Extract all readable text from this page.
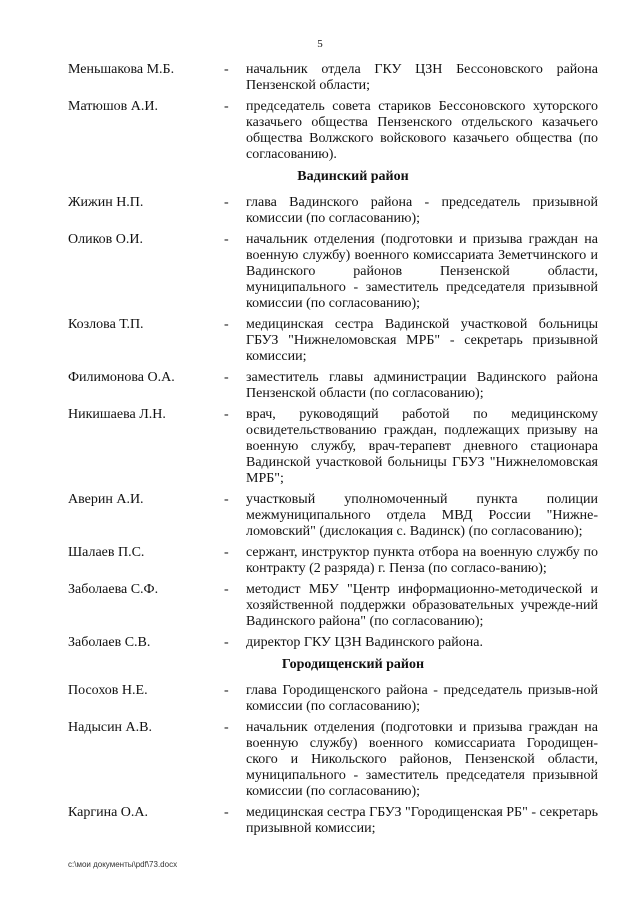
5
Меньшакова М.Б.	-	начальник отдела ГКУ ЦЗН Бессоновского района Пензенской области;
Матюшов А.И.	-	председатель совета стариков Бессоновского хуторского казачьего общества Пензенского отдельского казачьего общества Волжского войскового казачьего общества (по согласованию).
Вадинский район
Жижин Н.П.	-	глава Вадинского района - председатель призывной комиссии (по согласованию);
Оликов О.И.	-	начальник отделения (подготовки и призыва граждан на военную службу) военного комиссариата Земетчинского и Вадинского районов Пензенской области, муниципального - заместитель председателя призывной комиссии (по согласованию);
Козлова Т.П.	-	медицинская сестра Вадинской участковой больницы ГБУЗ "Нижнеломовская МРБ" - секретарь призывной комиссии;
Филимонова О.А.	-	заместитель главы администрации Вадинского района Пензенской области (по согласованию);
Никишаева Л.Н.	-	врач, руководящий работой по медицинскому освидетельствованию граждан, подлежащих призыву на военную службу, врач-терапевт дневного стационара Вадинской участковой больницы ГБУЗ "Нижнеломовская МРБ";
Аверин А.И.	-	участковый уполномоченный пункта полиции межмуниципального отдела МВД России "Нижне-ломовский" (дислокация с. Вадинск) (по согласованию);
Шалаев П.С.	-	сержант, инструктор пункта отбора на военную службу по контракту (2 разряда) г. Пенза (по согласо-ванию);
Заболаева С.Ф.	-	методист МБУ "Центр информационно-методической и хозяйственной поддержки образовательных учрежде-ний Вадинского района" (по согласованию);
Заболаев С.В.	-	директор ГКУ ЦЗН Вадинского района.
Городищенский район
Посохов Н.Е.	-	глава Городищенского района - председатель призыв-ной комиссии (по согласованию);
Надысин А.В.	-	начальник отделения (подготовки и призыва граждан на военную службу) военного комиссариата Городищен-ского и Никольского районов, Пензенской области, муниципального - заместитель председателя призывной комиссии (по согласованию);
Каргина О.А.	-	медицинская сестра ГБУЗ "Городищенская РБ" - секретарь призывной комиссии;
c:\мои документы\pdf\73.docx
